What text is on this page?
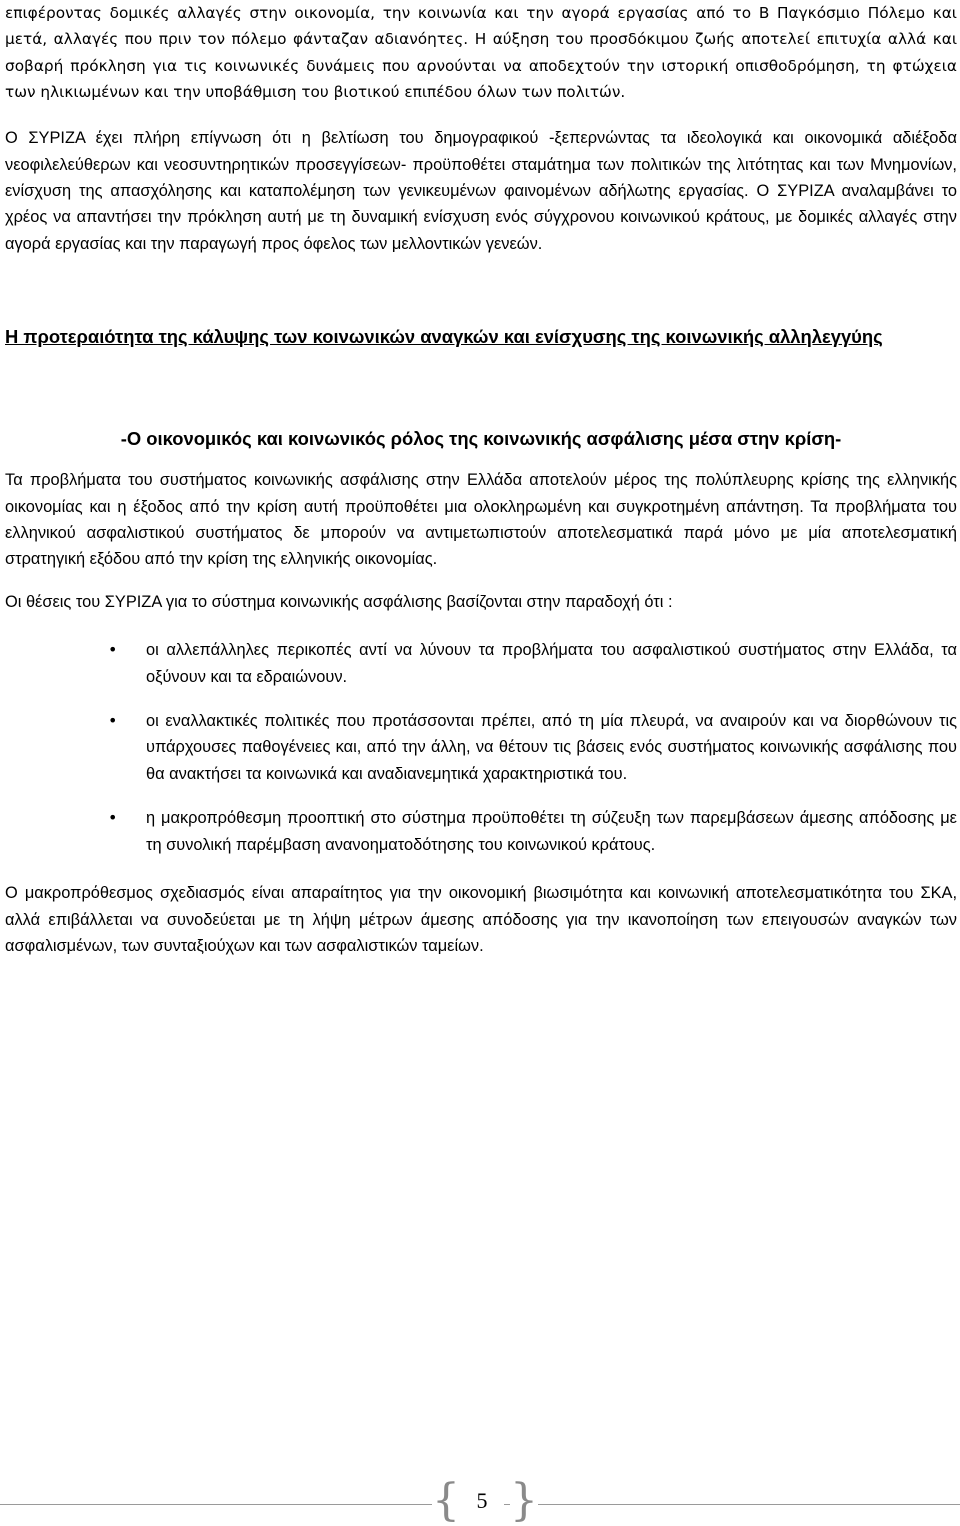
επιφέροντας δομικές αλλαγές στην οικονομία, την κοινωνία και την αγορά εργασίας από το Β Παγκόσμιο Πόλεμο και μετά, αλλαγές που πριν τον πόλεμο φάνταζαν αδιανόητες. Η αύξηση του προσδόκιμου ζωής αποτελεί επιτυχία αλλά και σοβαρή πρόκληση για τις κοινωνικές δυνάμεις που αρνούνται να αποδεχτούν την ιστορική οπισθοδρόμηση, τη φτώχεια των ηλικιωμένων και την υποβάθμιση του βιοτικού επιπέδου όλων των πολιτών.

Ο ΣΥΡΙΖΑ έχει πλήρη επίγνωση ότι η βελτίωση του δημογραφικού -ξεπερνώντας τα ιδεολογικά και οικονομικά αδιέξοδα νεοφιλελεύθερων και νεοσυντηρητικών προσεγγίσεων- προϋποθέτει σταμάτημα των πολιτικών της λιτότητας και των Μνημονίων, ενίσχυση της απασχόλησης και καταπολέμηση των γενικευμένων φαινομένων αδήλωτης εργασίας. Ο ΣΥΡΙΖΑ αναλαμβάνει το χρέος να απαντήσει την πρόκληση αυτή με τη δυναμική ενίσχυση ενός σύγχρονου κοινωνικού κράτους, με δομικές αλλαγές στην αγορά εργασίας και την παραγωγή προς όφελος των μελλοντικών γενεών.

Η προτεραιότητα της κάλυψης των κοινωνικών αναγκών και ενίσχυσης της κοινωνικής αλληλεγγύης

-Ο οικονομικός και κοινωνικός ρόλος της κοινωνικής ασφάλισης μέσα στην κρίση-

Τα προβλήματα του συστήματος κοινωνικής ασφάλισης στην Ελλάδα αποτελούν μέρος της πολύπλευρης κρίσης της ελληνικής οικονομίας και η έξοδος από την κρίση αυτή προϋποθέτει μια ολοκληρωμένη και συγκροτημένη απάντηση. Τα προβλήματα του ελληνικού ασφαλιστικού συστήματος δε μπορούν να αντιμετωπιστούν αποτελεσματικά παρά μόνο με μία αποτελεσματική στρατηγική εξόδου από την κρίση της ελληνικής οικονομίας.

Οι θέσεις του ΣΥΡΙΖΑ για το σύστημα κοινωνικής ασφάλισης βασίζονται στην παραδοχή ότι :

• οι αλλεπάλληλες περικοπές αντί να λύνουν τα προβλήματα του ασφαλιστικού συστήματος στην Ελλάδα, τα οξύνουν και τα εδραιώνουν.
• οι εναλλακτικές πολιτικές που προτάσσονται πρέπει, από τη μία πλευρά, να αναιρούν και να διορθώνουν τις υπάρχουσες παθογένειες και, από την άλλη, να θέτουν τις βάσεις ενός συστήματος κοινωνικής ασφάλισης που θα ανακτήσει τα κοινωνικά και αναδιανεμητικά χαρακτηριστικά του.
• η μακροπρόθεσμη προοπτική στο σύστημα προϋποθέτει τη σύζευξη των παρεμβάσεων άμεσης απόδοσης με τη συνολική παρέμβαση ανανοηματοδότησης του κοινωνικού κράτους.

Ο μακροπρόθεσμος σχεδιασμός είναι απαραίτητος για την οικονομική βιωσιμότητα και κοινωνική αποτελεσματικότητα του ΣΚΑ, αλλά επιβάλλεται να συνοδεύεται με τη λήψη μέτρων άμεσης απόδοσης για την ικανοποίηση των επειγουσών αναγκών των ασφαλισμένων, των συνταξιούχων και των ασφαλιστικών ταμείων.

{ 5 }
